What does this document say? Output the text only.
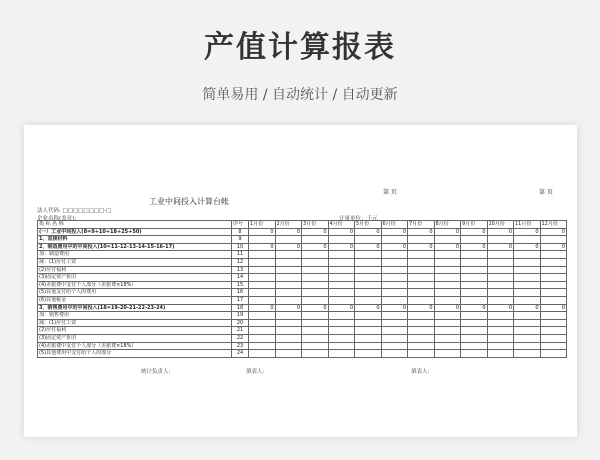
产值计算报表
简单易用 / 自动统计 / 自动更新
第 页	第 页
工业中间投入计算台帐
法人代码: □□□□□□□□-□
企业名称(盖章):	计量单位：千元
指 标 名 称	序号	1月份	2月份	3月份	4月份	5月份	6月份	7月份	8月份	9月份	10月份	11月份	12月份
(一）工业中间投入(8=9+10+18+25+50)	8	0	0	0	0	0	0	0	0	0	0	0	0
1、直接材料	9												
2、制造费用中的中间投入(10=11-12-13-14-15-16-17)	10	0	0	0	0	0	0	0	0	0	0	0	0
加：制造费用	11												
减：(1)应付工资	12												
(2)应付福利	13												
(3)固定资产折旧	14												
(4)差旅费中支付个人部分（差旅费×18%）	15												
(5)其他支付给个人的费用	16												
(6)其他税金	17												
3、销售费用中的中间投入(18=19-20-21-22-23-24)	18	0	0	0	0	0	0	0	0	0	0	0	0
加：销售费用	19												
减：(1)应付工资	20												
(2)应付福利	21												
(3)固定资产折旧	22												
(4)差旅费中支付个人部分（差旅费×18%）	23												
(5)其他费用中支付给个人的部分	24												
统计负责人:	填表人:	填表人:
